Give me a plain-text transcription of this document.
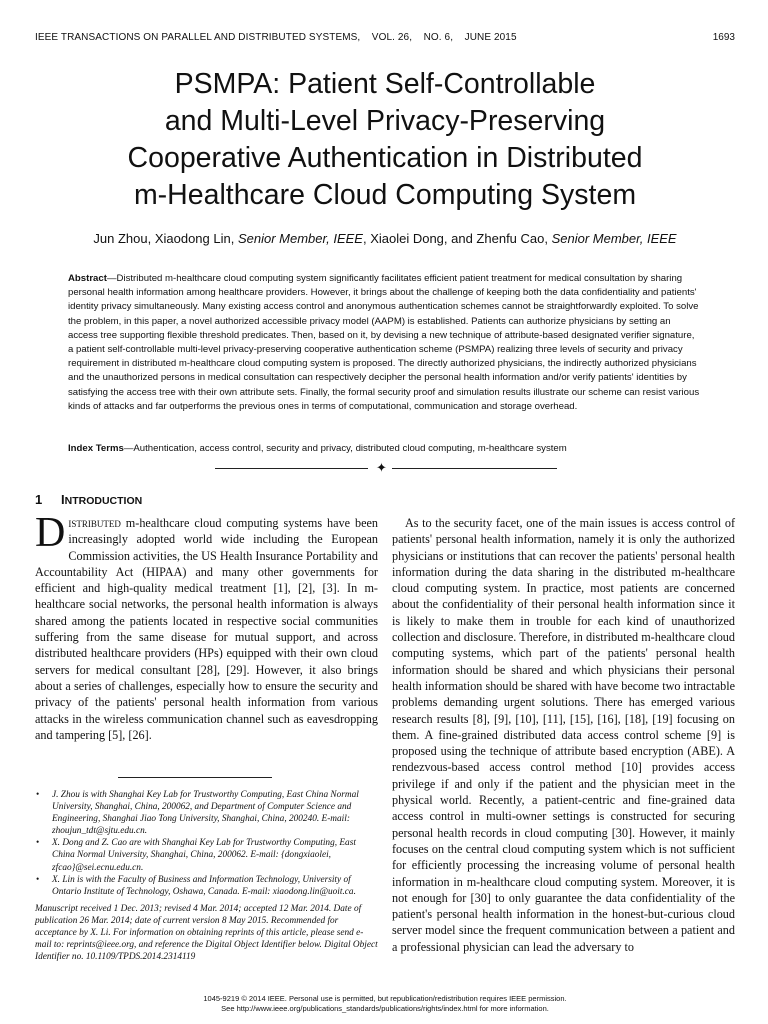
IEEE TRANSACTIONS ON PARALLEL AND DISTRIBUTED SYSTEMS,    VOL. 26,    NO. 6,    JUNE 2015	1693
PSMPA: Patient Self-Controllable
and Multi-Level Privacy-Preserving
Cooperative Authentication in Distributed
m-Healthcare Cloud Computing System
Jun Zhou, Xiaodong Lin, Senior Member, IEEE, Xiaolei Dong, and Zhenfu Cao, Senior Member, IEEE

Abstract—Distributed m-healthcare cloud computing system significantly facilitates efficient patient treatment for medical consultation by sharing personal health information among healthcare providers. However, it brings about the challenge of keeping both the data confidentiality and patients' identity privacy simultaneously. Many existing access control and anonymous authentication schemes cannot be straightforwardly exploited. To solve the problem, in this paper, a novel authorized accessible privacy model (AAPM) is established. Patients can authorize physicians by setting an access tree supporting flexible threshold predicates. Then, based on it, by devising a new technique of attribute-based designated verifier signature, a patient self-controllable multi-level privacy-preserving cooperative authentication scheme (PSMPA) realizing three levels of security and privacy requirement in distributed m-healthcare cloud computing system is proposed. The directly authorized physicians, the indirectly authorized physicians and the unauthorized persons in medical consultation can respectively decipher the personal health information and/or verify patients' identities by satisfying the access tree with their own attribute sets. Finally, the formal security proof and simulation results illustrate our scheme can resist various kinds of attacks and far outperforms the previous ones in terms of computational, communication and storage overhead.

Index Terms—Authentication, access control, security and privacy, distributed cloud computing, m-healthcare system

✦
1 INTRODUCTION

Distributed m-healthcare cloud computing systems have been increasingly adopted world wide including the European Commission activities, the US Health Insurance Portability and Accountability Act (HIPAA) and many other governments for efficient and high-quality medical treatment [1], [2], [3]. In m-healthcare social networks, the personal health information is always shared among the patients located in respective social communities suffering from the same disease for mutual support, and across distributed healthcare providers (HPs) equipped with their own cloud servers for medical consultant [28], [29]. However, it also brings about a series of challenges, especially how to ensure the security and privacy of the patients' personal health information from various attacks in the wireless communication channel such as eavesdropping and tampering [5], [26].

As to the security facet, one of the main issues is access control of patients' personal health information, namely it is only the authorized physicians or institutions that can recover the patients' personal health information during the data sharing in the distributed m-healthcare cloud computing system. In practice, most patients are concerned about the confidentiality of their personal health information since it is likely to make them in trouble for each kind of unauthorized collection and disclosure. Therefore, in distributed m-healthcare cloud computing systems, which part of the patients' personal health information should be shared and which physicians their personal health information should be shared with have become two intractable problems demanding urgent solutions. There has emerged various research results [8], [9], [10], [11], [15], [16], [18], [19] focusing on them. A fine-grained distributed data access control scheme [9] is proposed using the technique of attribute based encryption (ABE). A rendezvous-based access control method [10] provides access privilege if and only if the patient and the physician meet in the physical world. Recently, a patient-centric and fine-grained data access control in multi-owner settings is constructed for securing personal health records in cloud computing [30]. However, it mainly focuses on the central cloud computing system which is not sufficient for efficiently processing the increasing volume of personal health information in m-healthcare cloud computing system. Moreover, it is not enough for [30] to only guarantee the data confidentiality of the patient's personal health information in the honest-but-curious cloud server model since the frequent communication between a patient and a professional physician can lead the adversary to

• J. Zhou is with Shanghai Key Lab for Trustworthy Computing, East China Normal University, Shanghai, China, 200062, and Department of Computer Science and Engineering, Shanghai Jiao Tong University, Shanghai, China, 200240. E-mail: zhoujun_tdt@sjtu.edu.cn.
• X. Dong and Z. Cao are with Shanghai Key Lab for Trustworthy Computing, East China Normal University, Shanghai, China, 200062. E-mail: {dongxiaolei, zfcao}@sei.ecnu.edu.cn.
• X. Lin is with the Faculty of Business and Information Technology, University of Ontario Institute of Technology, Oshawa, Canada. E-mail: xiaodong.lin@uoit.ca.
Manuscript received 1 Dec. 2013; revised 4 Mar. 2014; accepted 12 Mar. 2014. Date of publication 26 Mar. 2014; date of current version 8 May 2015. Recommended for acceptance by X. Li. For information on obtaining reprints of this article, please send e-mail to: reprints@ieee.org, and reference the Digital Object Identifier below. Digital Object Identifier no. 10.1109/TPDS.2014.2314119
1045-9219 © 2014 IEEE. Personal use is permitted, but republication/redistribution requires IEEE permission.
See http://www.ieee.org/publications_standards/publications/rights/index.html for more information.
